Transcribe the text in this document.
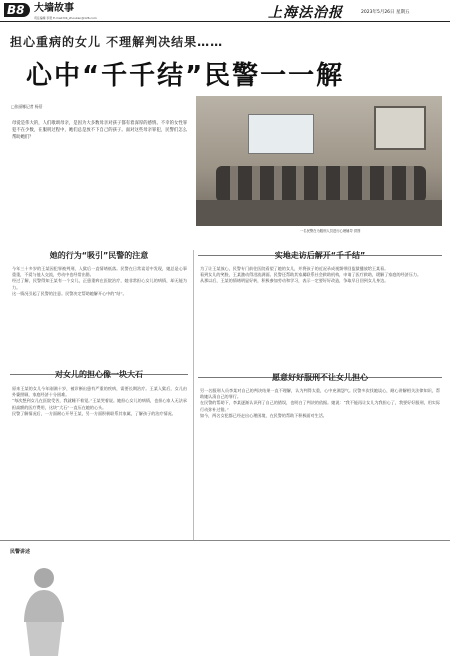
B8 大墙故事
责任编辑 李恩 E-mail:fzb_zhoukan@126.com	上海法治报	2023年5月26日 星期五
担心重病的女儿 不理解判决结果……
心中“千千结”民警一一解
□张丽娜记者 杨蓓
母爱是伟大的，人们歌颂母亲，是因为大多数母亲对孩子都有着深厚的感情。不幸的女性罪犯不在少数，在服刑过程中，她们总是放不下自己的孩子。面对这些母亲罪犯，民警们怎么帮助她们？
一名民警在为服刑人员进行心理辅导 供图
她的行为“吸引”民警的注意
今年三十多岁的王某因犯罪被判刑，入狱后一直情绪低落。民警在日常谈话中发现，她总是心事重重，不爱与他人交流，劳动中也经常出错。
经过了解，民警得知王某有一个女儿，正患重病在医院治疗，她非常担心女儿的病情，却无能为力。
这一情况引起了民警的注意。民警决定帮助她解开心中的“结”。
对女儿的担心像一块大石
原来王某的女儿今年刚满十岁，被诊断出患有严重的疾病，需要长期治疗。王某入狱后，女儿由外婆照顾，家庭经济十分困难。
“每次想到女儿在医院受苦，我就睡不着觉。”王某哭着说。她担心女儿的病情，也担心家人无法承担高额的医疗费用，这块“大石”一直压在她的心头。
民警了解情况后，一方面耐心开导王某，另一方面积极联系其家属，了解孩子的治疗情况。
实地走访后解开“千千结”
为了让王某放心，民警专门前往医院看望了她的女儿，并将孩子的近况录成视频带回监狱播放给王某看。
看到女儿的笑脸，王某激动得泪流满面。民警还帮助其家属联系社会救助机构，申请了医疗救助，缓解了家庭的经济压力。
从那以后，王某的情绪明显好转，积极参加劳动和学习，表示一定要好好改造，争取早日回到女儿身边。
愿意好好服刑不让女儿担心
另一名服刑人员李某对自己的判决结果一直不理解，认为判得太重，心中充满怨气。民警多次找她谈心，耐心讲解相关法律知识，帮助她认清自己的罪行。
在民警的帮助下，李某逐渐认识到了自己的错误，也明白了判决的依据。她说：“我不能再让女儿为我担心了，我要好好服刑，用实际行动弥补过错。”
如今，两名女犯都已经走出心理困境，在民警的帮助下积极面对生活。
民警讲述
